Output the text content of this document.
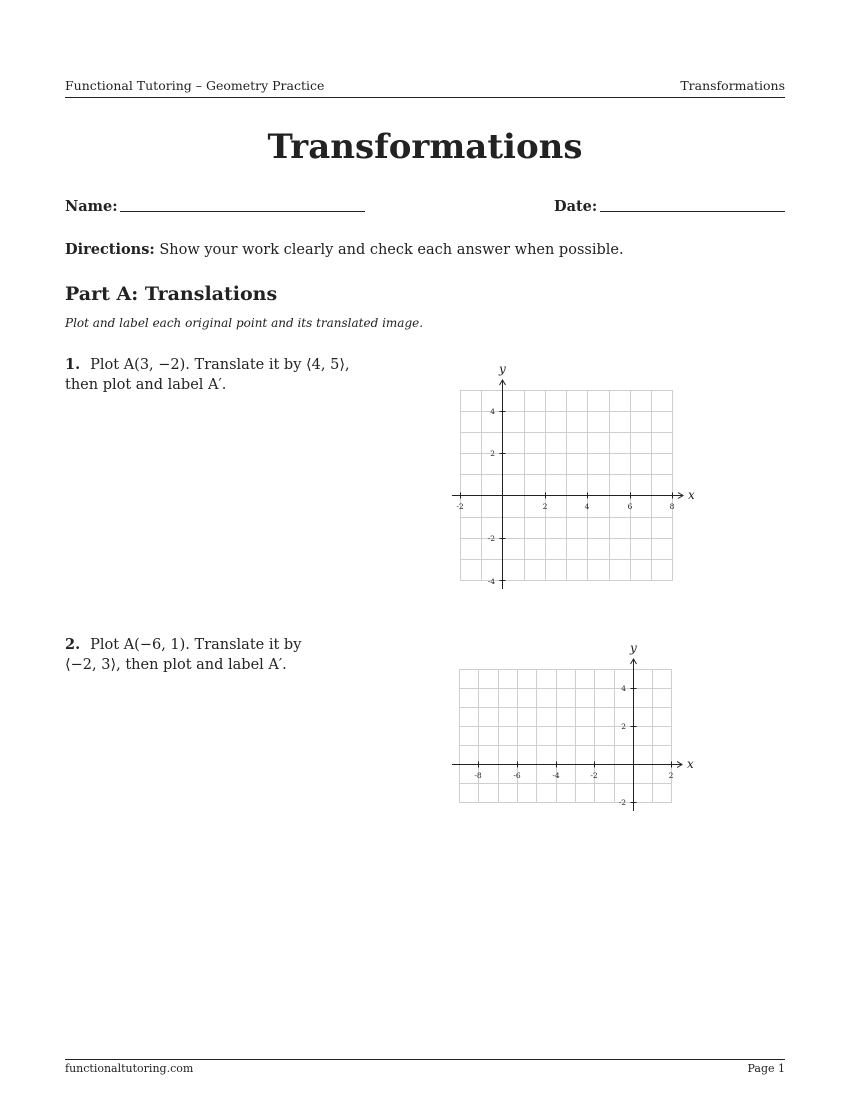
Functional Tutoring – Geometry Practice	Transformations
Transformations
Name:	Date:
Directions: Show your work clearly and check each answer when possible.
Part A: Translations
Plot and label each original point and its translated image.
1. Plot A(3, −2). Translate it by ⟨4, 5⟩,
then plot and label A′.
x
y
-2	2	4	6	8
4
2
-2
-4
2. Plot A(−6, 1). Translate it by
⟨−2, 3⟩, then plot and label A′.
x
y
-8	-6	-4	-2	2
4
2
-2
functionaltutoring.com	Page 1
